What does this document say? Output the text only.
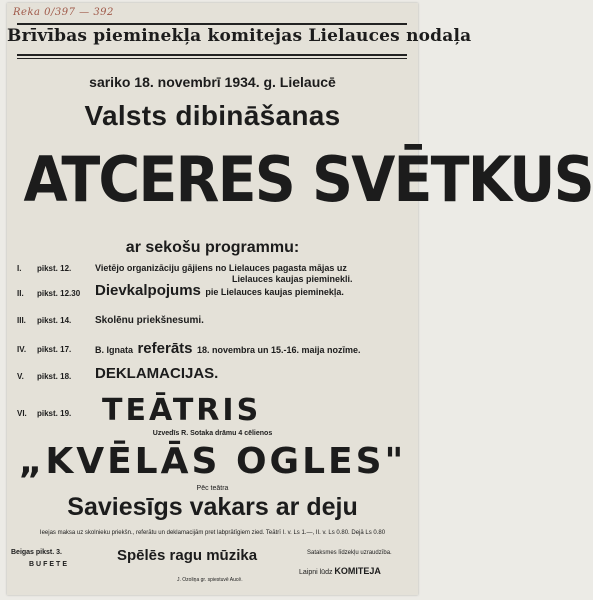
Reka 0/397 — 392
Brīvības pieminekļa komitejas Lielauces nodaļa
sariko 18. novembrī 1934. g. Lielaucē
Valsts dibināšanas
ATCERES SVĒTKUS
ar sekošu programmu:
I. pikst. 12.	Vietējo organizāciju gājiens no Lielauces pagasta mājas uz
Lielauces kaujas pieminekli.
II. pikst. 12.30 Dievkalpojums pie Lielauces kaujas pieminekļa.
III. pikst. 14. Skolēnu priekšnesumi.
IV. pikst. 17.	B. Ignata referāts 18. novembra un 15.-16. maija nozīme.
V. pikst. 18. DEKLAMACIJAS.
VI. pikst. 19. TEĀTRIS
Uzvedīs R. Sotaka drāmu 4 cēlienos
„KVĒLĀS OGLES"
Pēc teātra
Saviesīgs vakars ar deju
Ieejas maksa uz skolnieku priekšn., referātu un deklamacijām pret labprātīgiem zied. Teātrī I. v. Ls 1.—, II. v. Ls 0.80. Dejā Ls 0.80
Beigas pikst. 3.
BUFETE
Spēlēs ragu mūzika	Sataksmes līdzekļu uzraudzība.
Laipni lūdz KOMITEJA
J. Ozoliņa gr. spiestuvē Aucē.
